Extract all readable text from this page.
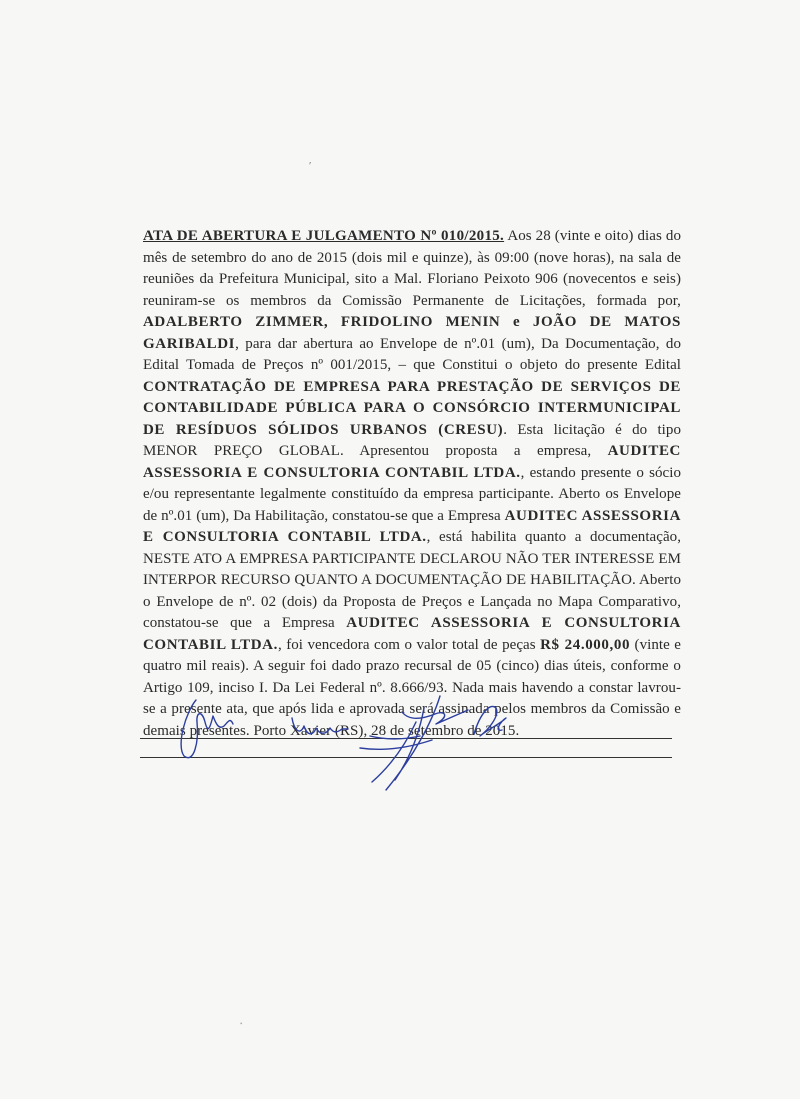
ʹ
•
ATA DE ABERTURA E JULGAMENTO Nº 010/2015. Aos 28 (vinte e oito) dias do mês de setembro do ano de 2015 (dois mil e quinze), às 09:00 (nove horas), na sala de reuniões da Prefeitura Municipal, sito a Mal. Floriano Peixoto 906 (novecentos e seis) reuniram-se os membros da Comissão Permanente de Licitações, formada por, ADALBERTO ZIMMER, FRIDOLINO MENIN e JOÃO DE MATOS GARIBALDI, para dar abertura ao Envelope de nº.01 (um), Da Documentação, do Edital Tomada de Preços nº 001/2015, – que Constitui o objeto do presente Edital CONTRATAÇÃO DE EMPRESA PARA PRESTAÇÃO DE SERVIÇOS DE CONTABILIDADE PÚBLICA PARA O CONSÓRCIO INTERMUNICIPAL DE RESÍDUOS SÓLIDOS URBANOS (CRESU). Esta licitação é do tipo MENOR PREÇO GLOBAL. Apresentou proposta a empresa, AUDITEC ASSESSORIA E CONSULTORIA CONTABIL LTDA., estando presente o sócio e/ou representante legalmente constituído da empresa participante. Aberto os Envelope de nº.01 (um), Da Habilitação, constatou-se que a Empresa AUDITEC ASSESSORIA E CONSULTORIA CONTABIL LTDA., está habilita quanto a documentação, NESTE ATO A EMPRESA PARTICIPANTE DECLAROU NÃO TER INTERESSE EM INTERPOR RECURSO QUANTO A DOCUMENTAÇÃO DE HABILITAÇÃO. Aberto o Envelope de nº. 02 (dois) da Proposta de Preços e Lançada no Mapa Comparativo, constatou-se que a Empresa AUDITEC ASSESSORIA E CONSULTORIA CONTABIL LTDA., foi vencedora com o valor total de peças R$ 24.000,00 (vinte e quatro mil reais). A seguir foi dado prazo recursal de 05 (cinco) dias úteis, conforme o Artigo 109, inciso I. Da Lei Federal nº. 8.666/93. Nada mais havendo a constar lavrou-se a presente ata, que após lida e aprovada será assinada pelos membros da Comissão e demais presentes. Porto Xavier (RS), 28 de setembro de 2015.
